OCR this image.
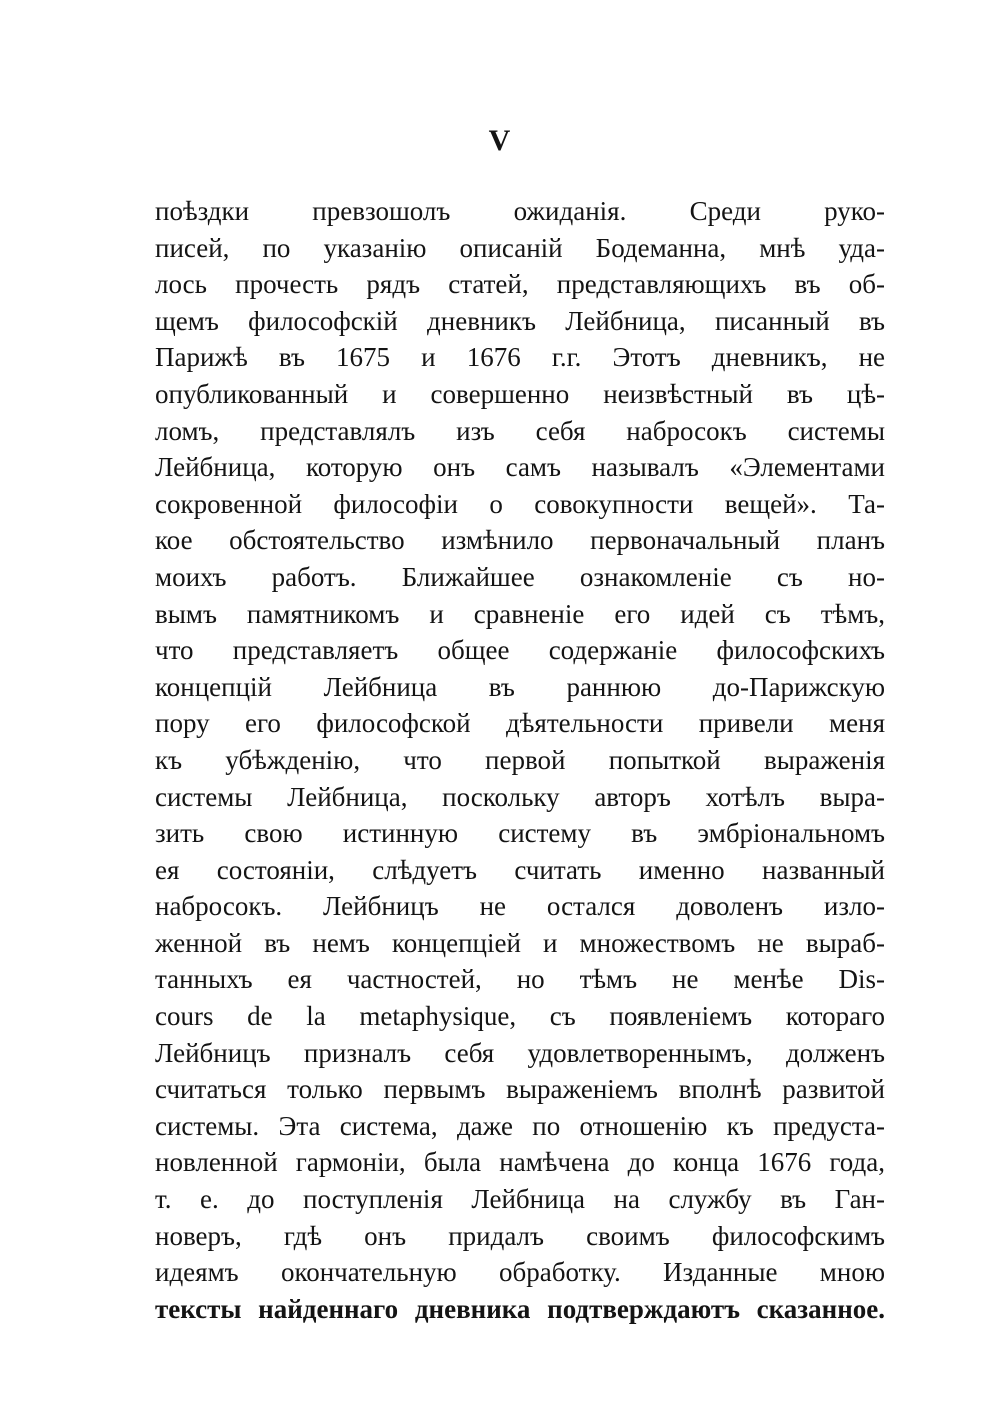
V
поѣздки превзошолъ ожиданія. Среди руко-
писей, по указанію описаній Бодеманна, мнѣ уда-
лось прочесть рядъ статей, представляющихъ въ об-
щемъ философскій дневникъ Лейбница, писанный въ
Парижѣ въ 1675 и 1676 г.г. Этотъ дневникъ, не
опубликованный и совершенно неизвѣстный въ цѣ-
ломъ, представлялъ изъ себя набросокъ системы
Лейбница, которую онъ самъ называлъ «Элементами
сокровенной философіи о совокупности вещей». Та-
кое обстоятельство измѣнило первоначальный планъ
моихъ работъ. Ближайшее ознакомленіе съ но-
вымъ памятникомъ и сравненіе его идей съ тѣмъ,
что представляетъ общее содержаніе философскихъ
концепцій Лейбница въ раннюю до-Парижскую
пору его философской дѣятельности привели меня
къ убѣжденію, что первой попыткой выраженія
системы Лейбница, поскольку авторъ хотѣлъ выра-
зить свою истинную систему въ эмбріональномъ
ея состояніи, слѣдуетъ считать именно названный
набросокъ. Лейбницъ не остался доволенъ изло-
женной въ немъ концепціей и множествомъ не выраб-
танныхъ ея частностей, но тѣмъ не менѣе Dis-
cours de la metaphysique, съ появленіемъ котораго
Лейбницъ призналъ себя удовлетвореннымъ, долженъ
считаться только первымъ выраженіемъ вполнѣ развитой
системы. Эта система, даже по отношенію къ предуста-
новленной гармоніи, была намѣчена до конца 1676 года,
т. е. до поступленія Лейбница на службу въ Ган-
новеръ, гдѣ онъ придалъ своимъ философскимъ
идеямъ окончательную обработку. Изданные мною
тексты найденнаго дневника подтверждаютъ сказанное.
